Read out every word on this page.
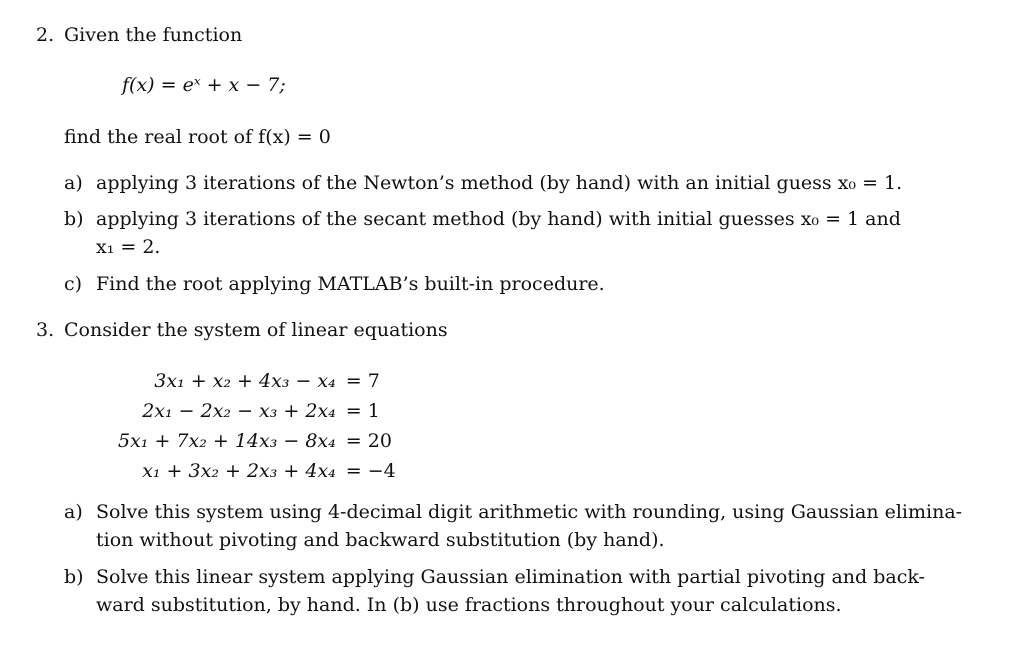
2. Given the function
f(x) = eˣ + x − 7;
find the real root of f(x) = 0
a) applying 3 iterations of the Newton’s method (by hand) with an initial guess x₀ = 1.
b) applying 3 iterations of the secant method (by hand) with initial guesses x₀ = 1 and
x₁ = 2.
c) Find the root applying MATLAB’s built-in procedure.
3. Consider the system of linear equations
3x₁ + x₂ + 4x₃ − x₄	= 7
2x₁ − 2x₂ − x₃ + 2x₄	= 1
5x₁ + 7x₂ + 14x₃ − 8x₄	= 20
x₁ + 3x₂ + 2x₃ + 4x₄	= −4
a) Solve this system using 4-decimal digit arithmetic with rounding, using Gaussian elimina-
tion without pivoting and backward substitution (by hand).
b) Solve this linear system applying Gaussian elimination with partial pivoting and back-
ward substitution, by hand. In (b) use fractions throughout your calculations.
